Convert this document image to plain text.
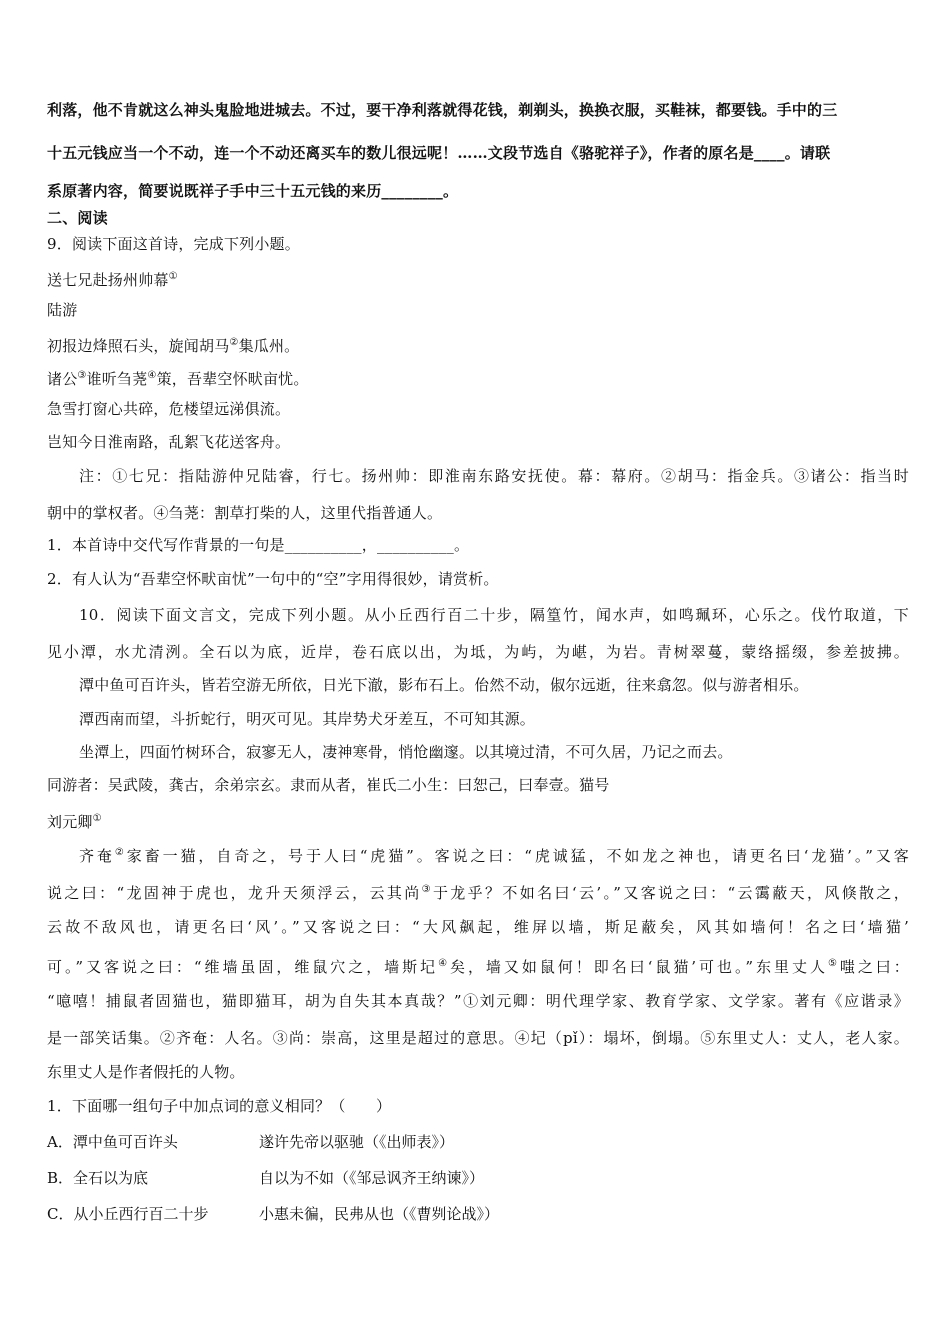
利落，他不肯就这么神头鬼脸地进城去。不过，要干净利落就得花钱，剃剃头，换换衣服，买鞋袜，都要钱。手中的三
十五元钱应当一个不动，连一个不动还离买车的数儿很远呢！……文段节选自《骆驼祥子》，作者的原名是____。请联
系原著内容，简要说既祥子手中三十五元钱的来历________。
二、阅读
9．阅读下面这首诗，完成下列小题。
送七兄赴扬州帅幕①
陆游
初报边烽照石头，旋闻胡马②集瓜州。
诸公③谁听刍荛④策，吾辈空怀畎亩忧。
急雪打窗心共碎，危楼望远涕俱流。
岂知今日淮南路，乱絮飞花送客舟。
注：①七兄：指陆游仲兄陆睿，行七。扬州帅：即淮南东路安抚使。幕：幕府。②胡马：指金兵。③诸公：指当时
朝中的掌权者。④刍荛：割草打柴的人，这里代指普通人。
1．本首诗中交代写作背景的一句是__________，__________。
2．有人认为“吾辈空怀畎亩忧”一句中的“空”字用得很妙，请赏析。
10．阅读下面文言文，完成下列小题。从小丘西行百二十步，隔篁竹，闻水声，如鸣珮环，心乐之。伐竹取道，下
见小潭，水尤清洌。全石以为底，近岸，卷石底以出，为坻，为屿，为嵁，为岩。青树翠蔓，蒙络摇缀，参差披拂。
潭中鱼可百许头，皆若空游无所依，日光下澈，影布石上。佁然不动，俶尔远逝，往来翕忽。似与游者相乐。
潭西南而望，斗折蛇行，明灭可见。其岸势犬牙差互，不可知其源。
坐潭上，四面竹树环合，寂寥无人，凄神寒骨，悄怆幽邃。以其境过清，不可久居，乃记之而去。
同游者：吴武陵，龚古，余弟宗玄。隶而从者，崔氏二小生：曰恕己，曰奉壹。猫号
刘元卿①
齐奄②家畜一猫，自奇之，号于人曰“虎猫”。客说之曰：“虎诚猛，不如龙之神也，请更名曰‘龙猫’。”又客
说之曰：“龙固神于虎也，龙升天须浮云，云其尚③于龙乎？不如名曰‘云’。”又客说之曰：“云霭蔽天，风倏散之，
云故不敌风也，请更名曰‘风’。”又客说之曰：“大风飙起，维屏以墙，斯足蔽矣，风其如墙何！名之曰‘墙猫’
可。”又客说之曰：“维墙虽固，维鼠穴之，墙斯圮④矣，墙又如鼠何！即名曰‘鼠猫’可也。”东里丈人⑤嗤之曰：
“噫嘻！捕鼠者固猫也，猫即猫耳，胡为自失其本真哉？”①刘元卿：明代理学家、教育学家、文学家。著有《应谐录》
是一部笑话集。②齐奄：人名。③尚：崇高，这里是超过的意思。④圮（pǐ）：塌坏，倒塌。⑤东里丈人：丈人，老人家。
东里丈人是作者假托的人物。
1．下面哪一组句子中加点词的意义相同？（　　）
A．潭中鱼可百许头	遂许先帝以驱驰（《出师表》）
B．全石以为底	自以为不如（《邹忌讽齐王纳谏》）
C．从小丘西行百二十步	小惠未徧，民弗从也（《曹刿论战》）
